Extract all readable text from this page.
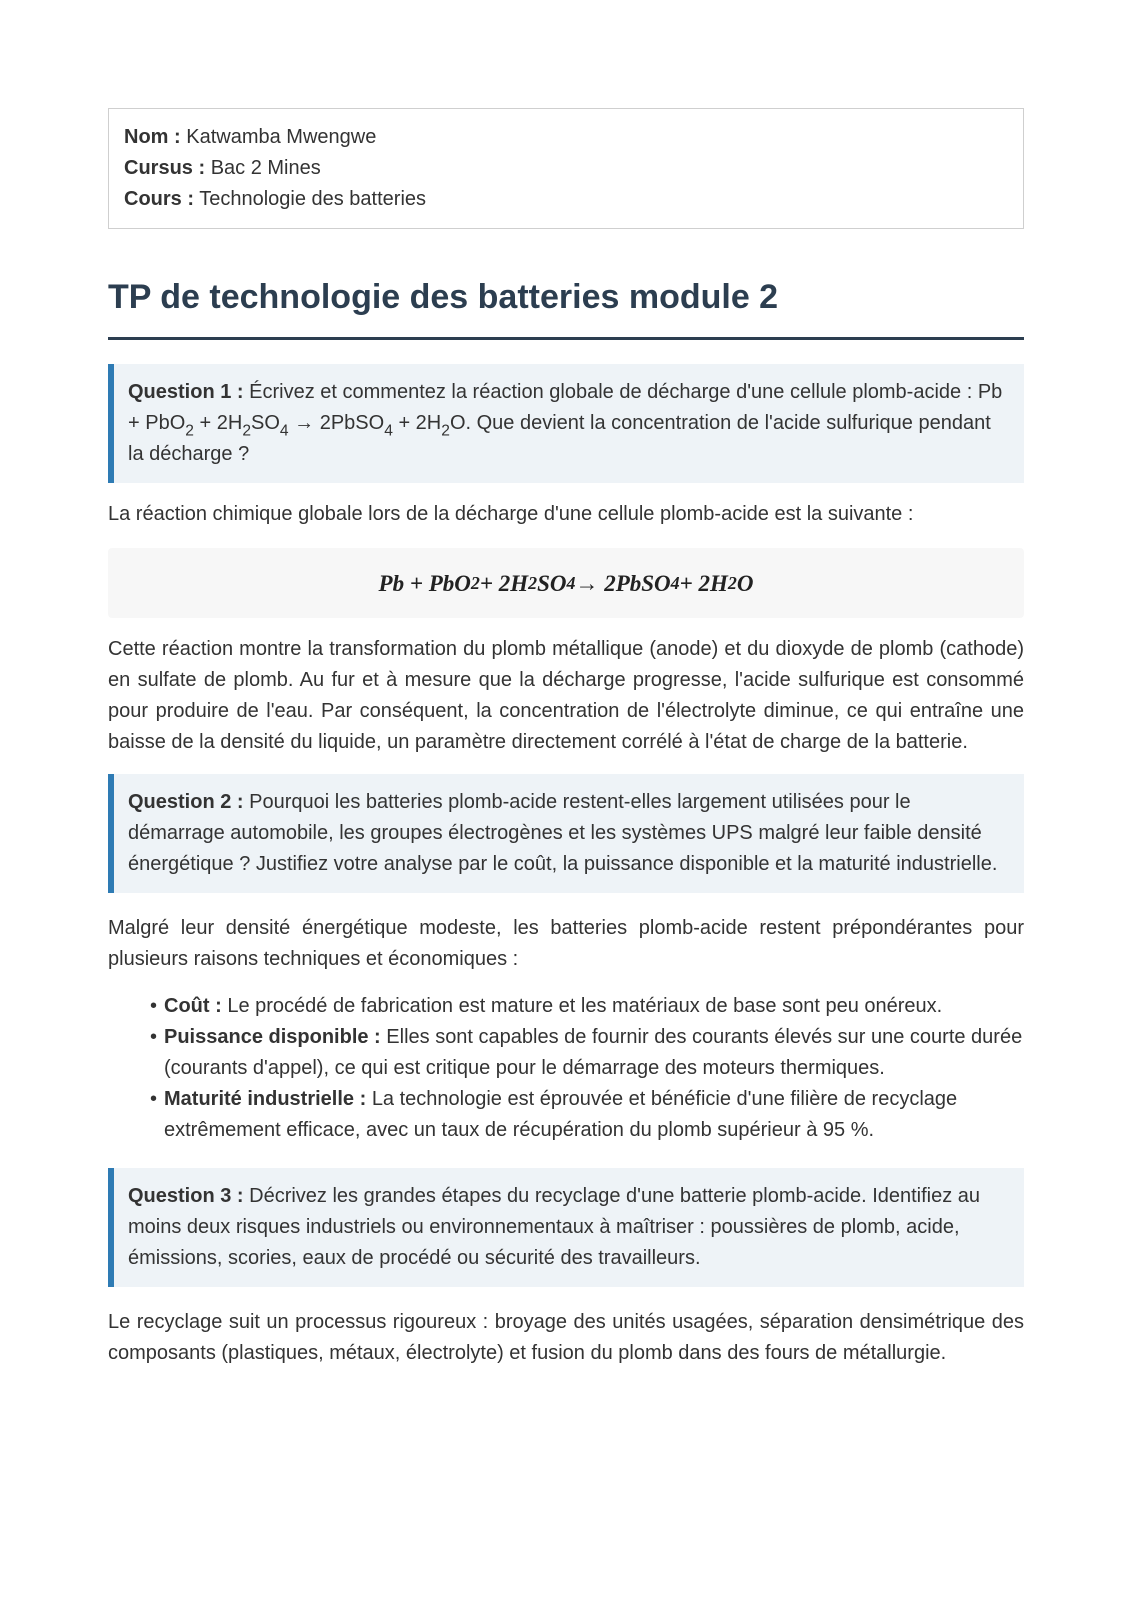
Nom : Katwamba Mwengwe
Cursus : Bac 2 Mines
Cours : Technologie des batteries
TP de technologie des batteries module 2
Question 1 : Écrivez et commentez la réaction globale de décharge d'une cellule plomb-acide : $Pb + PbO_2 + 2H_2SO_4$ → 2PbSO$_4$ + $2H_2O$. Que devient la concentration de l'acide sulfurique pendant la décharge ?

La réaction chimique globale lors de la décharge d'une cellule plomb-acide est la suivante :

Pb + PbO 2 + 2H 2 SO 4 → 2PbSO 4 + 2H 2 O

Cette réaction montre la transformation du plomb métallique (anode) et du dioxyde de plomb (cathode) en sulfate de plomb. Au fur et à mesure que la décharge progresse, l'acide sulfurique est consommé pour produire de l'eau. Par conséquent, la concentration de l'électrolyte diminue, ce qui entraîne une baisse de la densité du liquide, un paramètre directement corrélé à l'état de charge de la batterie.

Question 2 : Pourquoi les batteries plomb-acide restent-elles largement utilisées pour le démarrage automobile, les groupes électrogènes et les systèmes UPS malgré leur faible densité énergétique ? Justifiez votre analyse par le coût, la puissance disponible et la maturité industrielle.

Malgré leur densité énergétique modeste, les batteries plomb-acide restent prépondérantes pour plusieurs raisons techniques et économiques :

• Coût : Le procédé de fabrication est mature et les matériaux de base sont peu onéreux.
• Puissance disponible : Elles sont capables de fournir des courants élevés sur une courte durée (courants d'appel), ce qui est critique pour le démarrage des moteurs thermiques.
• Maturité industrielle : La technologie est éprouvée et bénéficie d'une filière de recyclage extrêmement efficace, avec un taux de récupération du plomb supérieur à 95 %.
Question 3 : Décrivez les grandes étapes du recyclage d'une batterie plomb-acide. Identifiez au moins deux risques industriels ou environnementaux à maîtriser : poussières de plomb, acide, émissions, scories, eaux de procédé ou sécurité des travailleurs.

Le recyclage suit un processus rigoureux : broyage des unités usagées, séparation densimétrique des composants (plastiques, métaux, électrolyte) et fusion du plomb dans des fours de métallurgie.
